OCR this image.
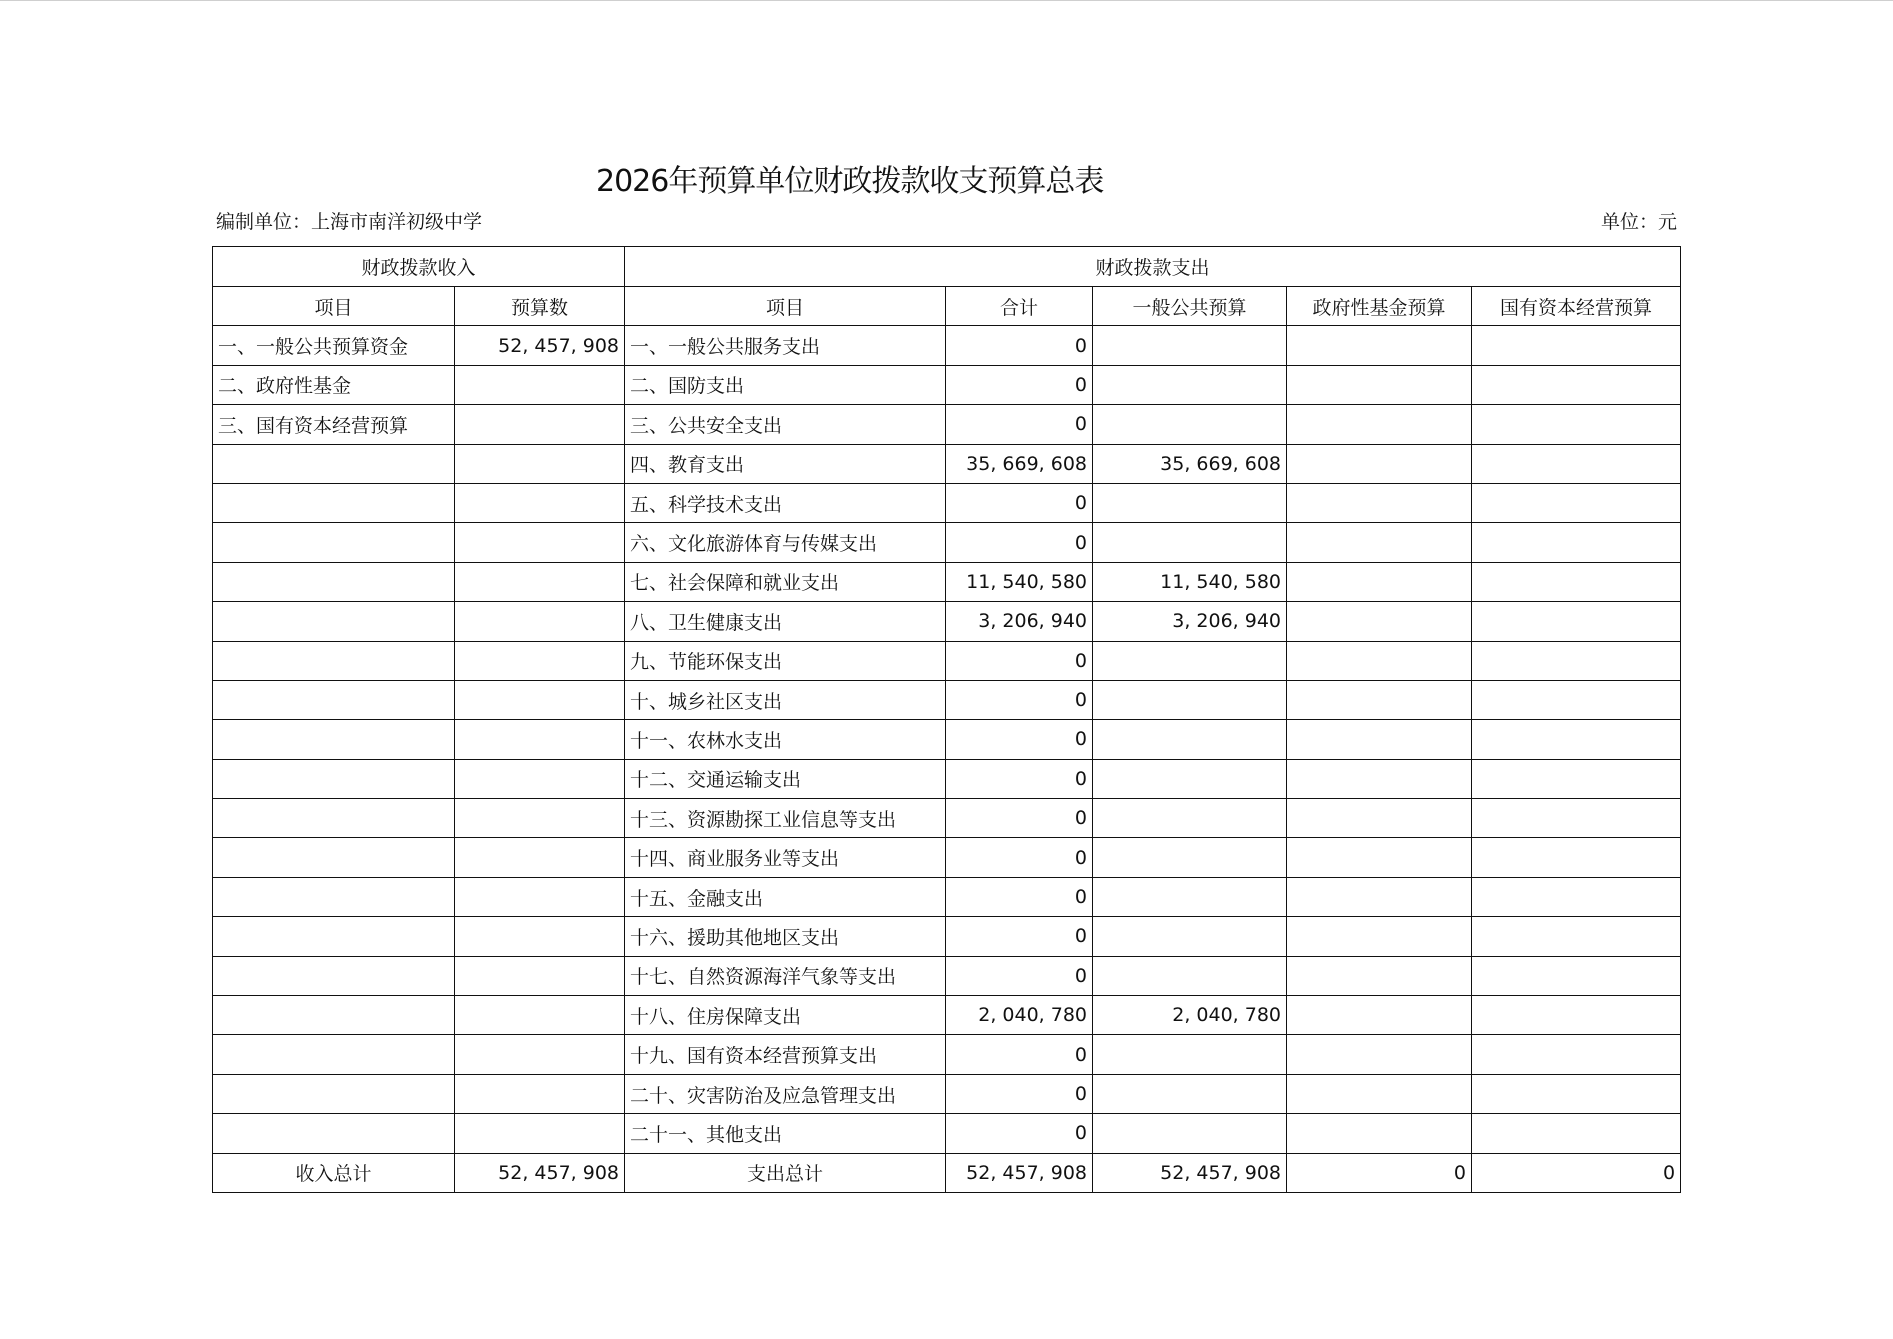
2026年预算单位财政拨款收支预算总表
编制单位：上海市南洋初级中学	单位：元
财政拨款收入		财政拨款支出				
项目	预算数	项目	合计	一般公共预算	政府性基金预算	国有资本经营预算
一、一般公共预算资金	52, 457, 908	一、一般公共服务支出	0			
二、政府性基金		二、国防支出	0			
三、国有资本经营预算		三、公共安全支出	0			
		四、教育支出	35, 669, 608	35, 669, 608		
		五、科学技术支出	0			
		六、文化旅游体育与传媒支出	0			
		七、社会保障和就业支出	11, 540, 580	11, 540, 580		
		八、卫生健康支出	3, 206, 940	3, 206, 940		
		九、节能环保支出	0			
		十、城乡社区支出	0			
		十一、农林水支出	0			
		十二、交通运输支出	0			
		十三、资源勘探工业信息等支出	0			
		十四、商业服务业等支出	0			
		十五、金融支出	0			
		十六、援助其他地区支出	0			
		十七、自然资源海洋气象等支出	0			
		十八、住房保障支出	2, 040, 780	2, 040, 780		
		十九、国有资本经营预算支出	0			
		二十、灾害防治及应急管理支出	0			
		二十一、其他支出	0			
收入总计	52, 457, 908	支出总计	52, 457, 908	52, 457, 908	0	0
